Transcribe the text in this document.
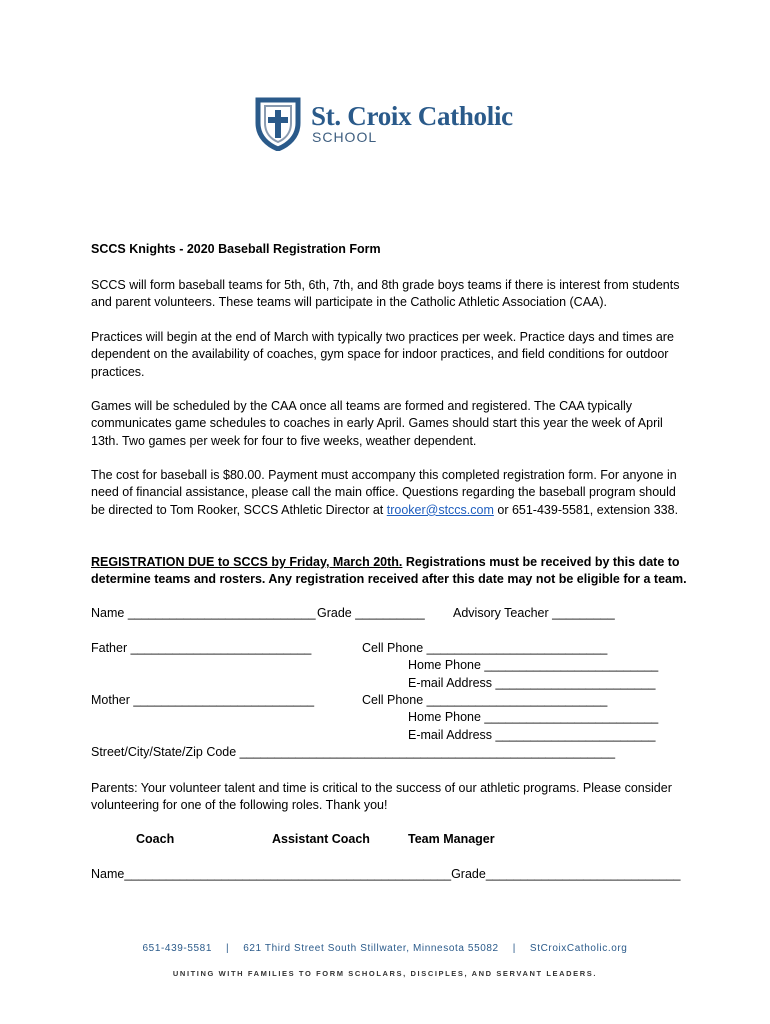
St. Croix Catholic
SCHOOL
SCCS Knights - 2020 Baseball Registration Form
SCCS will form baseball teams for 5th, 6th, 7th, and 8th grade boys teams if there is interest from students and parent volunteers. These teams will participate in the Catholic Athletic Association (CAA).
Practices will begin at the end of March with typically two practices per week. Practice days and times are dependent on the availability of coaches, gym space for indoor practices, and field conditions for outdoor practices.
Games will be scheduled by the CAA once all teams are formed and registered. The CAA typically communicates game schedules to coaches in early April. Games should start this year the week of April 13th. Two games per week for four to five weeks, weather dependent.
The cost for baseball is $80.00. Payment must accompany this completed registration form. For anyone in need of financial assistance, please call the main office. Questions regarding the baseball program should be directed to Tom Rooker, SCCS Athletic Director at trooker@stccs.com or 651-439-5581, extension 338.
REGISTRATION DUE to SCCS by Friday, March 20th. Registrations must be received by this date to determine teams and rosters. Any registration received after this date may not be eligible for a team.
Name ___________________________ Grade __________ Advisory Teacher _________
Father __________________________	Cell Phone __________________________
Home Phone _________________________
E-mail Address _______________________
Mother __________________________	Cell Phone __________________________
Home Phone _________________________
E-mail Address _______________________
Street/City/State/Zip Code ______________________________________________________
Parents: Your volunteer talent and time is critical to the success of our athletic programs. Please consider volunteering for one of the following roles. Thank you!
Coach	Assistant Coach	Team Manager
Name_______________________________________________Grade____________________________
651-439-5581 | 621 Third Street South Stillwater, Minnesota 55082 | StCroixCatholic.org
UNITING WITH FAMILIES TO FORM SCHOLARS, DISCIPLES, AND SERVANT LEADERS.
